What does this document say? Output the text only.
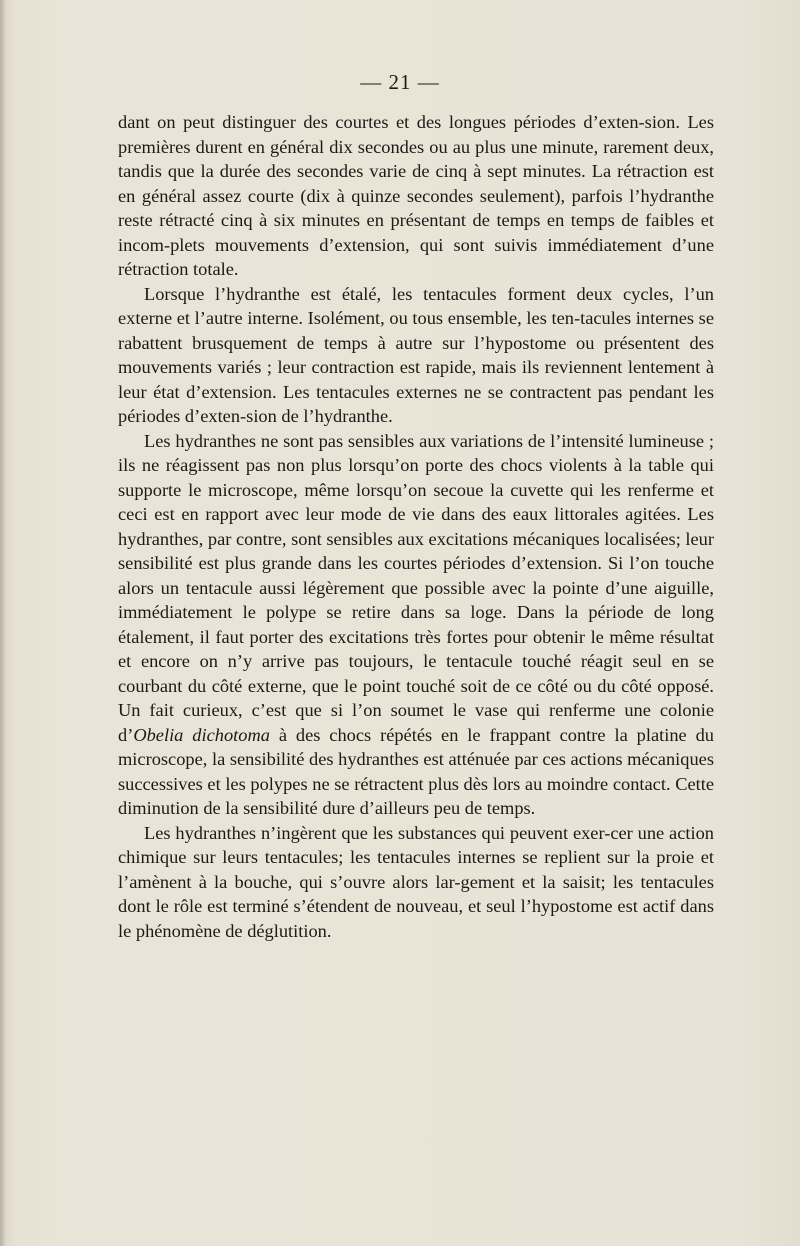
— 21 —

dant on peut distinguer des courtes et des longues périodes d’exten-sion. Les premières durent en général dix secondes ou au plus une minute, rarement deux, tandis que la durée des secondes varie de cinq à sept minutes. La rétraction est en général assez courte (dix à quinze secondes seulement), parfois l’hydranthe reste rétracté cinq à six minutes en présentant de temps en temps de faibles et incom-plets mouvements d’extension, qui sont suivis immédiatement d’une rétraction totale.

Lorsque l’hydranthe est étalé, les tentacules forment deux cycles, l’un externe et l’autre interne. Isolément, ou tous ensemble, les ten-tacules internes se rabattent brusquement de temps à autre sur l’hypostome ou présentent des mouvements variés ; leur contraction est rapide, mais ils reviennent lentement à leur état d’extension. Les tentacules externes ne se contractent pas pendant les périodes d’exten-sion de l’hydranthe.

Les hydranthes ne sont pas sensibles aux variations de l’intensité lumineuse ; ils ne réagissent pas non plus lorsqu’on porte des chocs violents à la table qui supporte le microscope, même lorsqu’on secoue la cuvette qui les renferme et ceci est en rapport avec leur mode de vie dans des eaux littorales agitées. Les hydranthes, par contre, sont sensibles aux excitations mécaniques localisées; leur sensibilité est plus grande dans les courtes périodes d’extension. Si l’on touche alors un tentacule aussi légèrement que possible avec la pointe d’une aiguille, immédiatement le polype se retire dans sa loge. Dans la période de long étalement, il faut porter des excitations très fortes pour obtenir le même résultat et encore on n’y arrive pas toujours, le tentacule touché réagit seul en se courbant du côté externe, que le point touché soit de ce côté ou du côté opposé. Un fait curieux, c’est que si l’on soumet le vase qui renferme une colonie d’Obelia dichotoma à des chocs répétés en le frappant contre la platine du microscope, la sensibilité des hydranthes est atténuée par ces actions mécaniques successives et les polypes ne se rétractent plus dès lors au moindre contact. Cette diminution de la sensibilité dure d’ailleurs peu de temps.

Les hydranthes n’ingèrent que les substances qui peuvent exer-cer une action chimique sur leurs tentacules; les tentacules internes se replient sur la proie et l’amènent à la bouche, qui s’ouvre alors lar-gement et la saisit; les tentacules dont le rôle est terminé s’étendent de nouveau, et seul l’hypostome est actif dans le phénomène de déglutition.
